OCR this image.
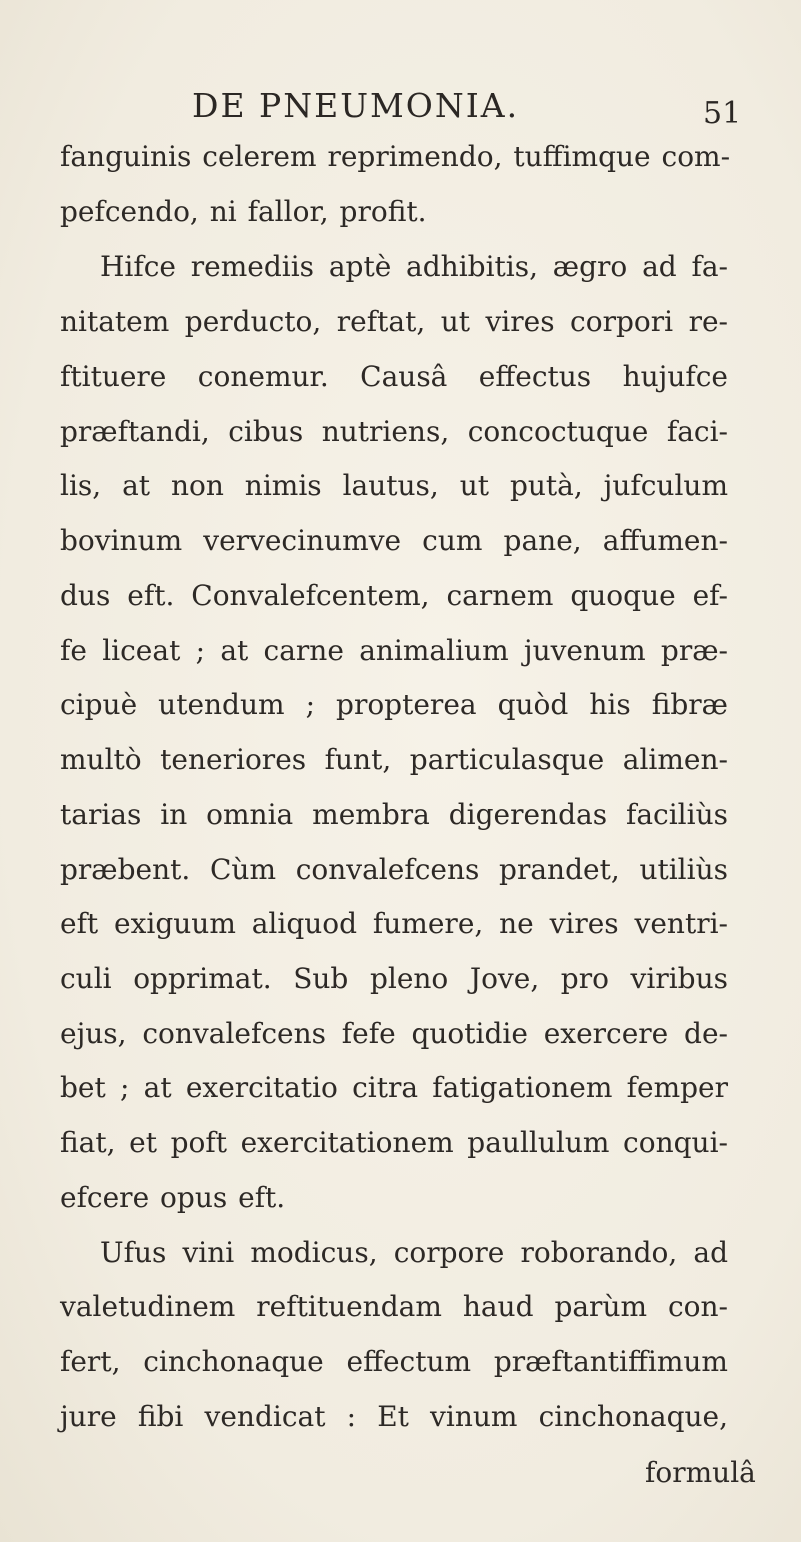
DE PNEUMONIA.	51
fanguinis celerem reprimendo, tuffimque com-
pefcendo, ni fallor, profit.
Hifce remediis aptè adhibitis, ægro ad fa-
nitatem perducto, reftat, ut vires corpori re-
ftituere conemur. Causâ effectus hujufce
præftandi, cibus nutriens, concoctuque faci-
lis, at non nimis lautus, ut putà, jufculum
bovinum vervecinumve cum pane, affumen-
dus eft. Convalefcentem, carnem quoque ef-
fe liceat ; at carne animalium juvenum præ-
cipuè utendum ; propterea quòd his fibræ
multò teneriores funt, particulasque alimen-
tarias in omnia membra digerendas faciliùs
præbent. Cùm convalefcens prandet, utiliùs
eft exiguum aliquod fumere, ne vires ventri-
culi opprimat. Sub pleno Jove, pro viribus
ejus, convalefcens fefe quotidie exercere de-
bet ; at exercitatio citra fatigationem femper
fiat, et poft exercitationem paullulum conqui-
efcere opus eft.
Ufus vini modicus, corpore roborando, ad
valetudinem reftituendam haud parùm con-
fert, cinchonaque effectum præftantiffimum
jure fibi vendicat : Et vinum cinchonaque,
formulâ
